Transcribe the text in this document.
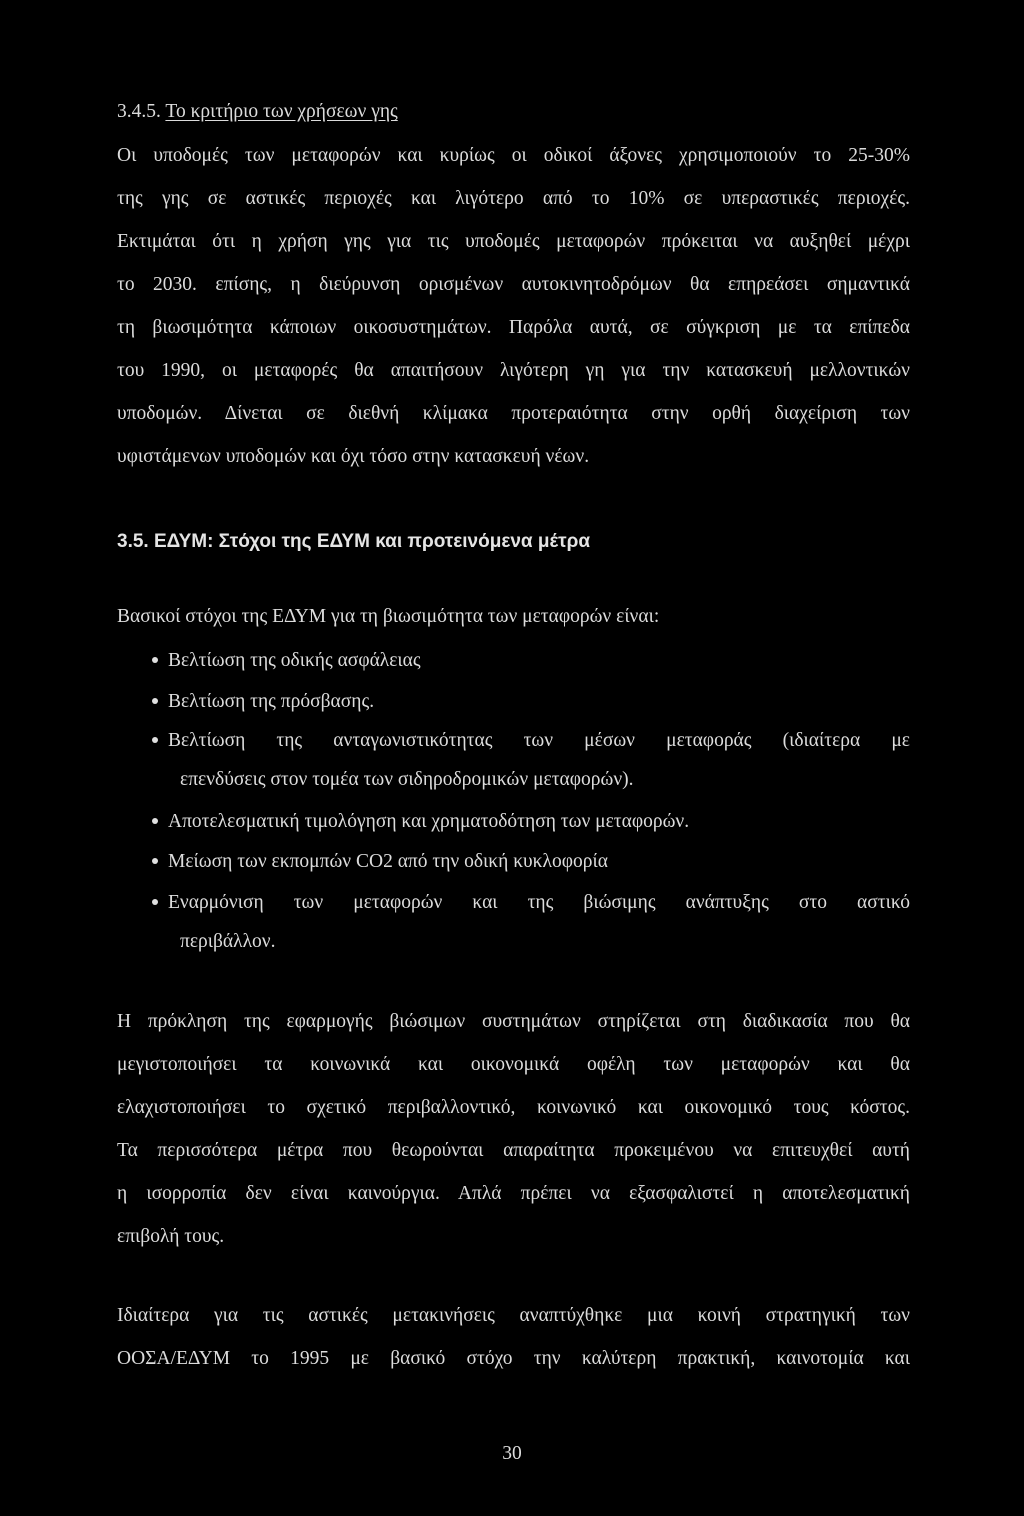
3.4.5. Το κριτήριο των χρήσεων γης
Οι υποδομές των μεταφορών και κυρίως οι οδικοί άξονες χρησιμοποιούν το 25-30%
της γης σε αστικές περιοχές και λιγότερο από το 10% σε υπεραστικές περιοχές.
Εκτιμάται ότι η χρήση γης για τις υποδομές μεταφορών πρόκειται να αυξηθεί μέχρι
το 2030. επίσης, η διεύρυνση ορισμένων αυτοκινητοδρόμων θα επηρεάσει σημαντικά
τη βιωσιμότητα κάποιων οικοσυστημάτων. Παρόλα αυτά, σε σύγκριση με τα επίπεδα
του 1990, οι μεταφορές θα απαιτήσουν λιγότερη γη για την κατασκευή μελλοντικών
υποδομών. Δίνεται σε διεθνή κλίμακα προτεραιότητα στην ορθή διαχείριση των
υφιστάμενων υποδομών και όχι τόσο στην κατασκευή νέων.
3.5. ΕΔΥΜ: Στόχοι της ΕΔΥΜ και προτεινόμενα μέτρα
Βασικοί στόχοι της ΕΔΥΜ για τη βιωσιμότητα των μεταφορών είναι:
Βελτίωση της οδικής ασφάλειας
Βελτίωση της πρόσβασης.
Βελτίωση της ανταγωνιστικότητας των μέσων μεταφοράς (ιδιαίτερα με
επενδύσεις στον τομέα των σιδηροδρομικών μεταφορών).
Αποτελεσματική τιμολόγηση και χρηματοδότηση των μεταφορών.
Μείωση των εκπομπών CO2 από την οδική κυκλοφορία
Εναρμόνιση των μεταφορών και της βιώσιμης ανάπτυξης στο αστικό
περιβάλλον.
Η πρόκληση της εφαρμογής βιώσιμων συστημάτων στηρίζεται στη διαδικασία που θα
μεγιστοποιήσει τα κοινωνικά και οικονομικά οφέλη των μεταφορών και θα
ελαχιστοποιήσει το σχετικό περιβαλλοντικό, κοινωνικό και οικονομικό τους κόστος.
Τα περισσότερα μέτρα που θεωρούνται απαραίτητα προκειμένου να επιτευχθεί αυτή
η ισορροπία δεν είναι καινούργια. Απλά πρέπει να εξασφαλιστεί η αποτελεσματική
επιβολή τους.
Ιδιαίτερα για τις αστικές μετακινήσεις αναπτύχθηκε μια κοινή στρατηγική των
ΟΟΣΑ/ΕΔΥΜ το 1995 με βασικό στόχο την καλύτερη πρακτική, καινοτομία και
30
